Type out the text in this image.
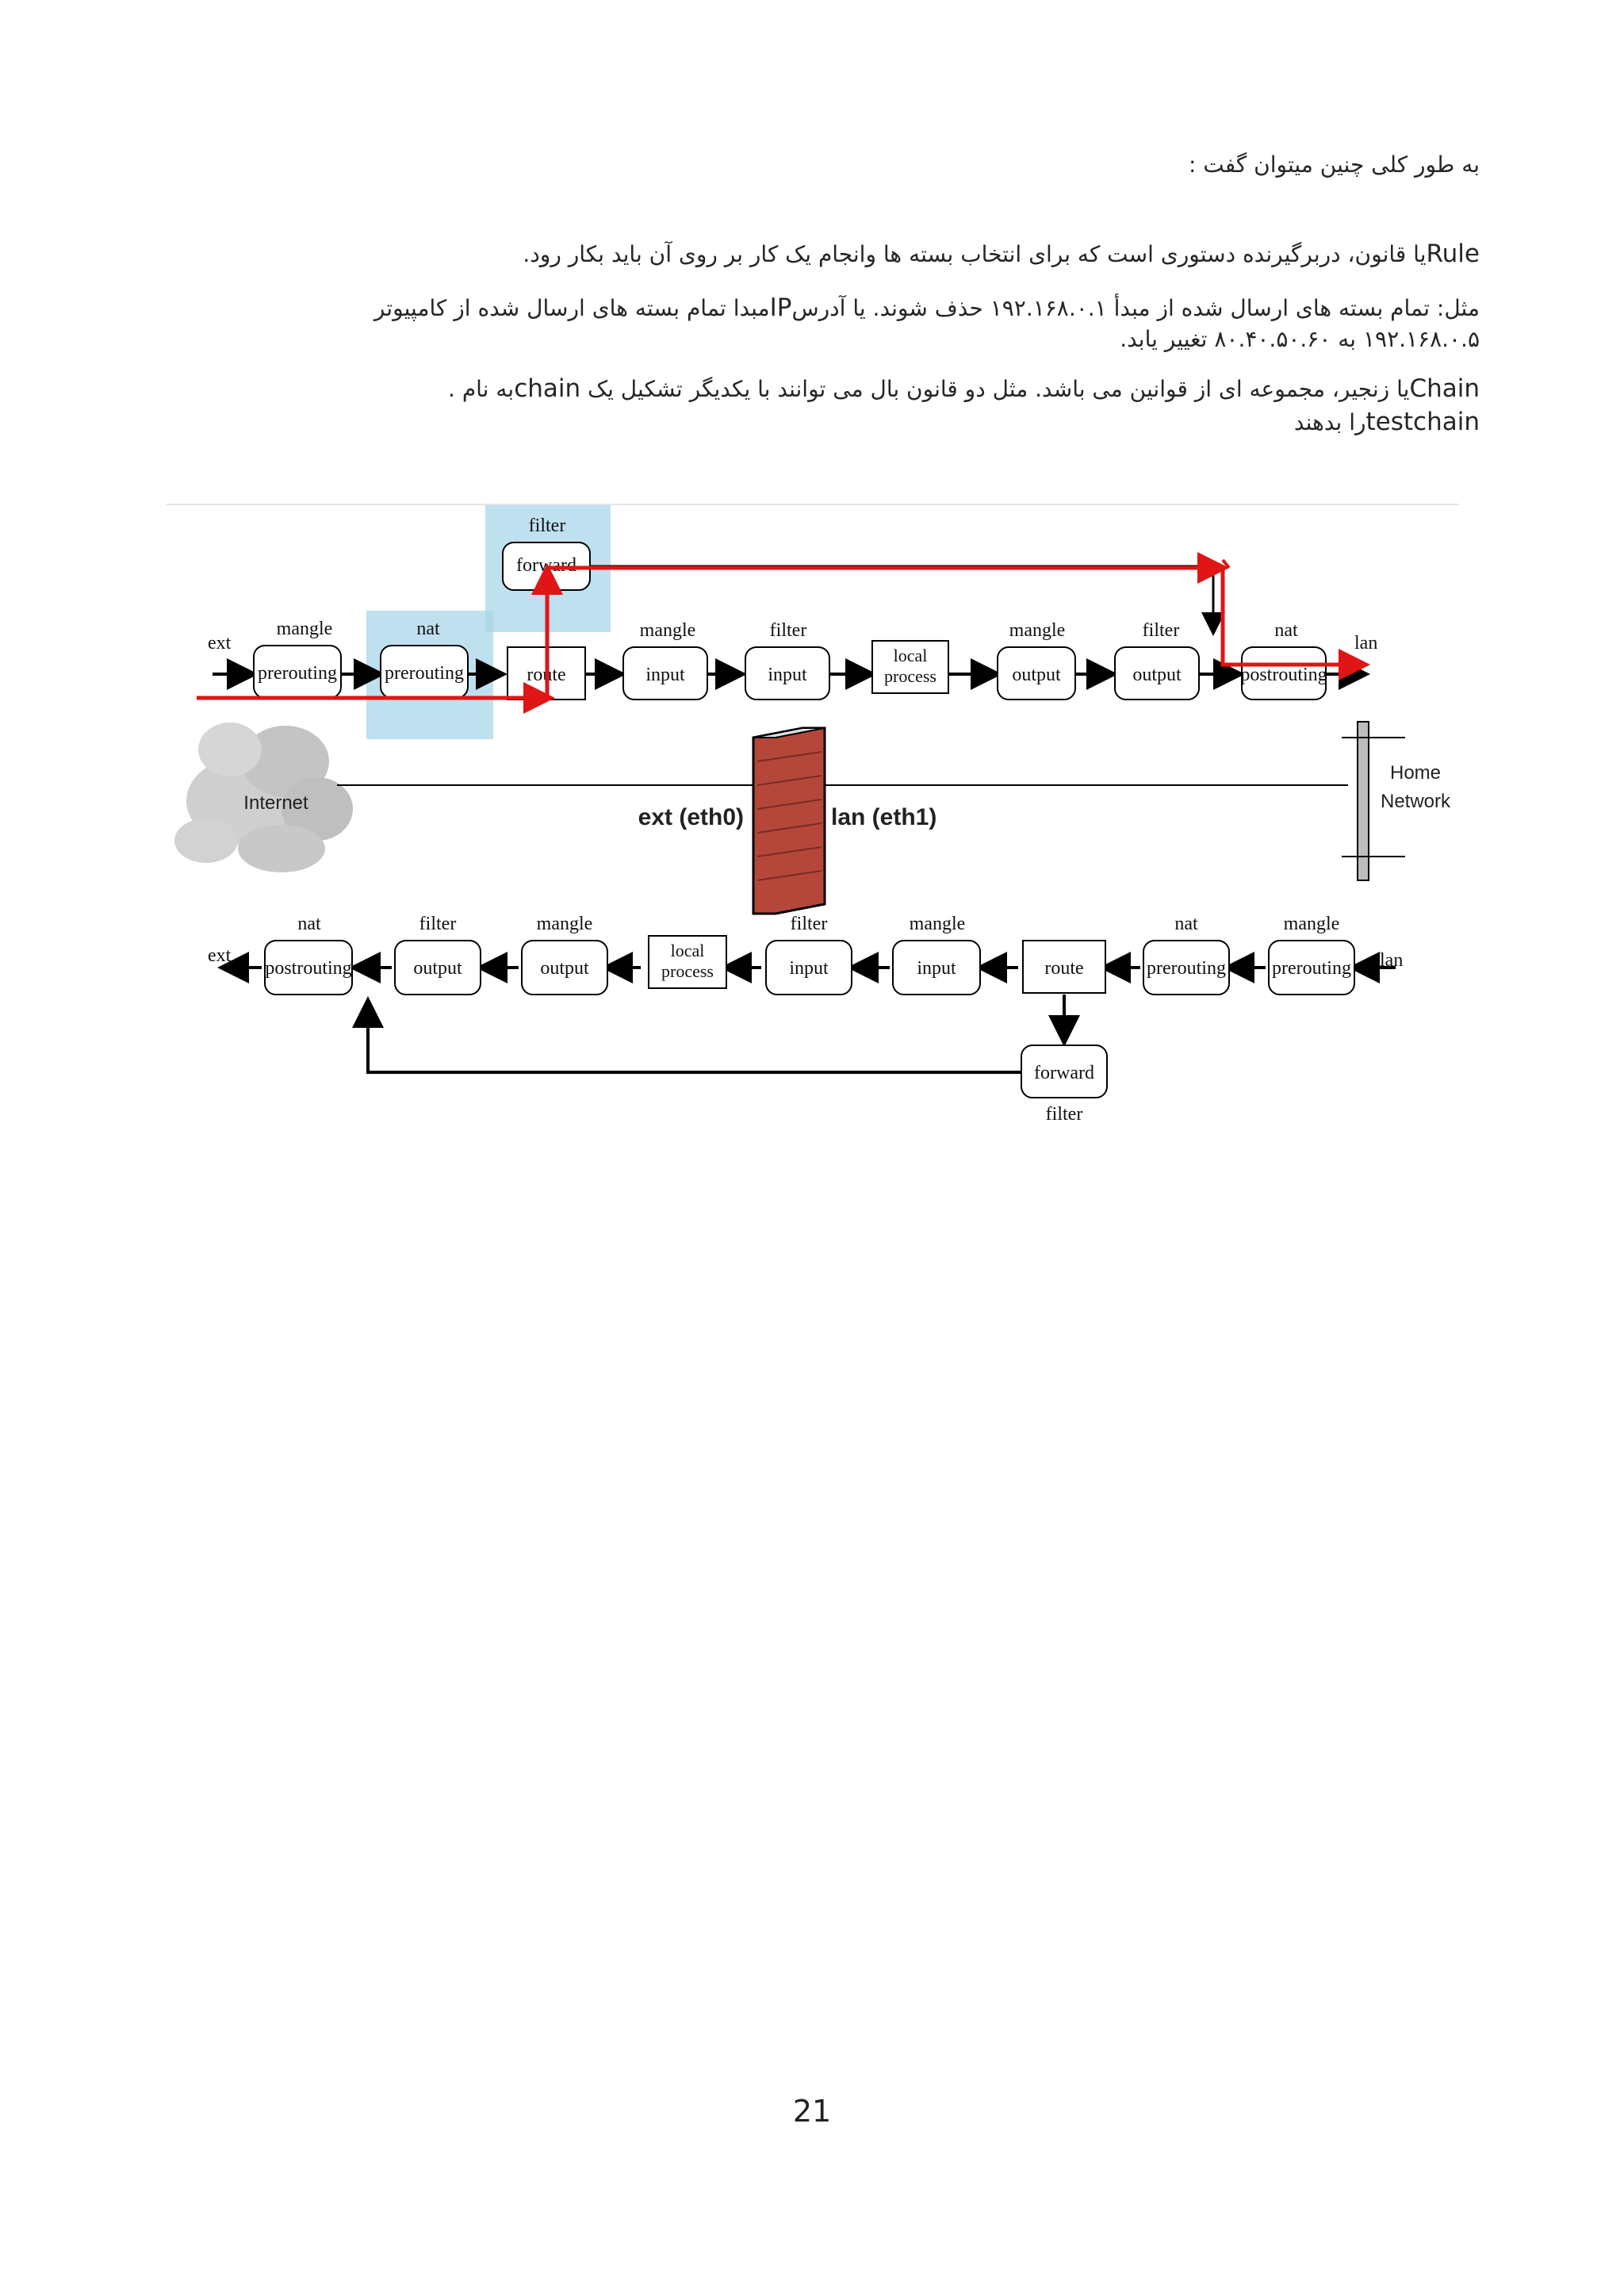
به طور کلی چنین میتوان گفت :
Ruleیا قانون، دربرگیرنده دستوری است که برای انتخاب بسته ها وانجام یک کار بر روی آن باید بکار رود.
مثل: تمام بسته های ارسال شده از مبدأ ۱۹۲.۱۶۸.۰.۱ حذف شوند. یا آدرسIPمبدا تمام بسته های ارسال شده از کامپیوتر
۱۹۲.۱۶۸.۰.۵ به ۸۰.۴۰.۵۰.۶۰ تغییر یابد.
Chainیا زنجیر، مجموعه ای از قوانین می باشد. مثل دو قانون بال می توانند با یکدیگر تشکیل یک chainبه نام .
testchainرا بدهند
ext	lan
mangle
prerouting
nat
prerouting	route
mangle
input
filter
input
local process
mangle
output
filter
output
nat
postrouting
filter
forward
Internet
ext (eth0)	lan (eth1)
Home
Network
ext	lan
nat
postrouting
filter
output
mangle
output
local process
filter
input
mangle
input	route
nat
prerouting
mangle
prerouting
forward
filter
21
